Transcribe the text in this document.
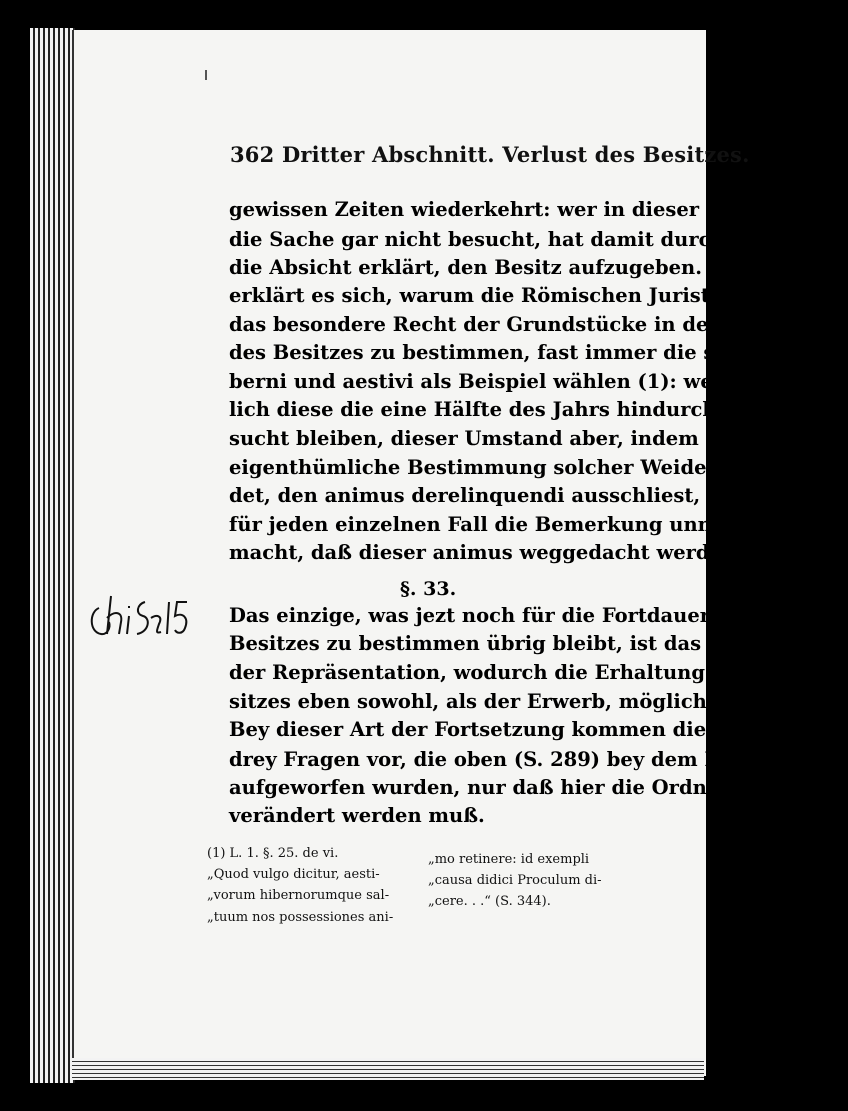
362 Dritter Abschnitt. Verlust des Besitzes.
gewissen Zeiten wiederkehrt: wer in dieser Zwischenzeit
die Sache gar nicht besucht, hat damit durchaus nicht
die Absicht erklärt, den Besitz aufzugeben. Hieraus
erklärt es sich, warum die Römischen Juristen, um
das besondere Recht der Grundstücke in der Erhaltung
des Besitzes zu bestimmen, fast immer die saltus hi-
berni und aestivi als Beispiel wählen (1): weil näm-
lich diese die eine Hälfte des Jahrs hindurch unbe-
sucht bleiben, dieser Umstand aber, indem er auf die
eigenthümliche Bestimmung solcher Weiden sich grün-
det, den animus derelinquendi ausschliest, folglich
für jeden einzelnen Fall die Bemerkung unnöthig
macht, daß dieser animus weggedacht werden müsse.
§. 33.
Das einzige, was jezt noch für die Fortdauer des
Besitzes zu bestimmen übrig bleibt, ist das Verhältniß
der Repräsentation, wodurch die Erhaltung des Be-
sitzes eben sowohl, als der Erwerb, möglich ist.
Bey dieser Art der Fortsetzung kommen dieselben
drey Fragen vor, die oben (S. 289) bey dem Erwerb
aufgeworfen wurden, nur daß hier die Ordnung etwas
verändert werden muß.
(1) L. 1. §. 25. de vi.
„Quod vulgo dicitur, aesti-
„vorum hibernorumque sal-
„tuum nos possessiones ani-
„mo retinere: id exempli
„causa didici Proculum di-
„cere. . .“ (S. 344).
